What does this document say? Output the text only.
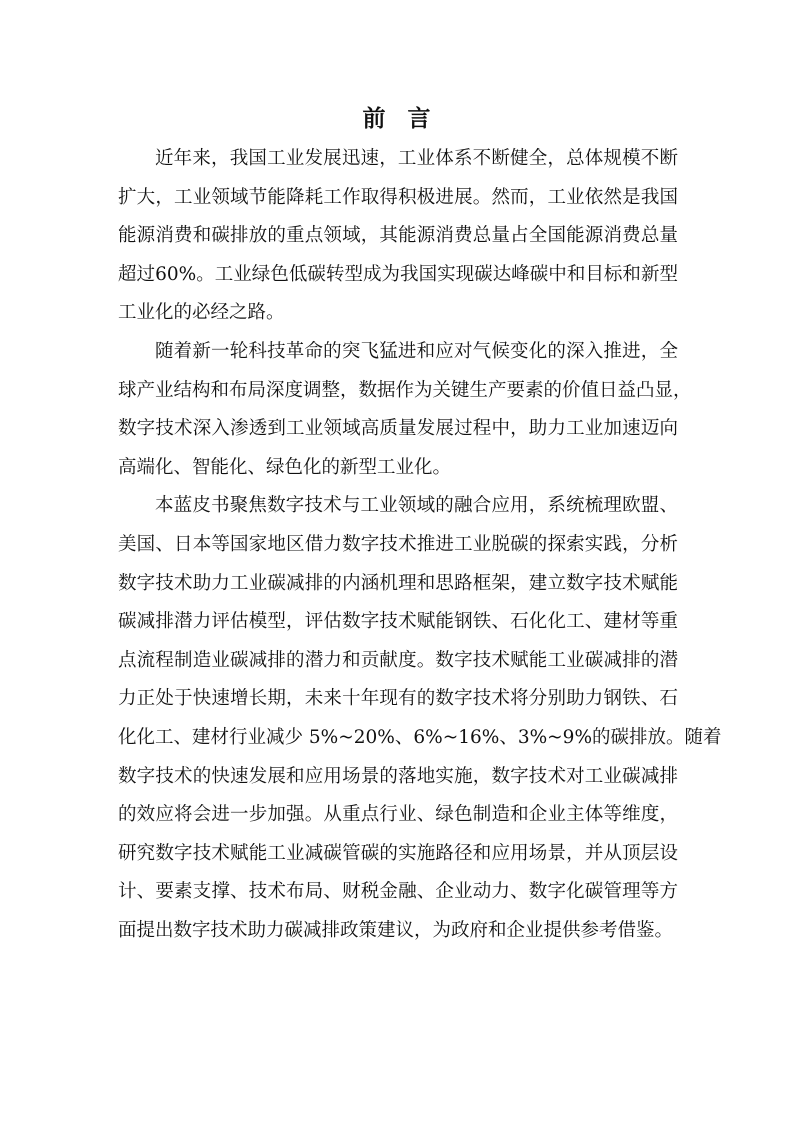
前 言
近年来，我国工业发展迅速，工业体系不断健全，总体规模不断
扩大，工业领域节能降耗工作取得积极进展。然而，工业依然是我国
能源消费和碳排放的重点领域，其能源消费总量占全国能源消费总量
超过60%。工业绿色低碳转型成为我国实现碳达峰碳中和目标和新型
工业化的必经之路。
随着新一轮科技革命的突飞猛进和应对气候变化的深入推进，全
球产业结构和布局深度调整，数据作为关键生产要素的价值日益凸显，
数字技术深入渗透到工业领域高质量发展过程中，助力工业加速迈向
高端化、智能化、绿色化的新型工业化。
本蓝皮书聚焦数字技术与工业领域的融合应用，系统梳理欧盟、
美国、日本等国家地区借力数字技术推进工业脱碳的探索实践，分析
数字技术助力工业碳减排的内涵机理和思路框架，建立数字技术赋能
碳减排潜力评估模型，评估数字技术赋能钢铁、石化化工、建材等重
点流程制造业碳减排的潜力和贡献度。数字技术赋能工业碳减排的潜
力正处于快速增长期，未来十年现有的数字技术将分别助力钢铁、石
化化工、建材行业减少 5%~20%、6%~16%、3%~9%的碳排放。随着
数字技术的快速发展和应用场景的落地实施，数字技术对工业碳减排
的效应将会进一步加强。从重点行业、绿色制造和企业主体等维度，
研究数字技术赋能工业减碳管碳的实施路径和应用场景，并从顶层设
计、要素支撑、技术布局、财税金融、企业动力、数字化碳管理等方
面提出数字技术助力碳减排政策建议，为政府和企业提供参考借鉴。
